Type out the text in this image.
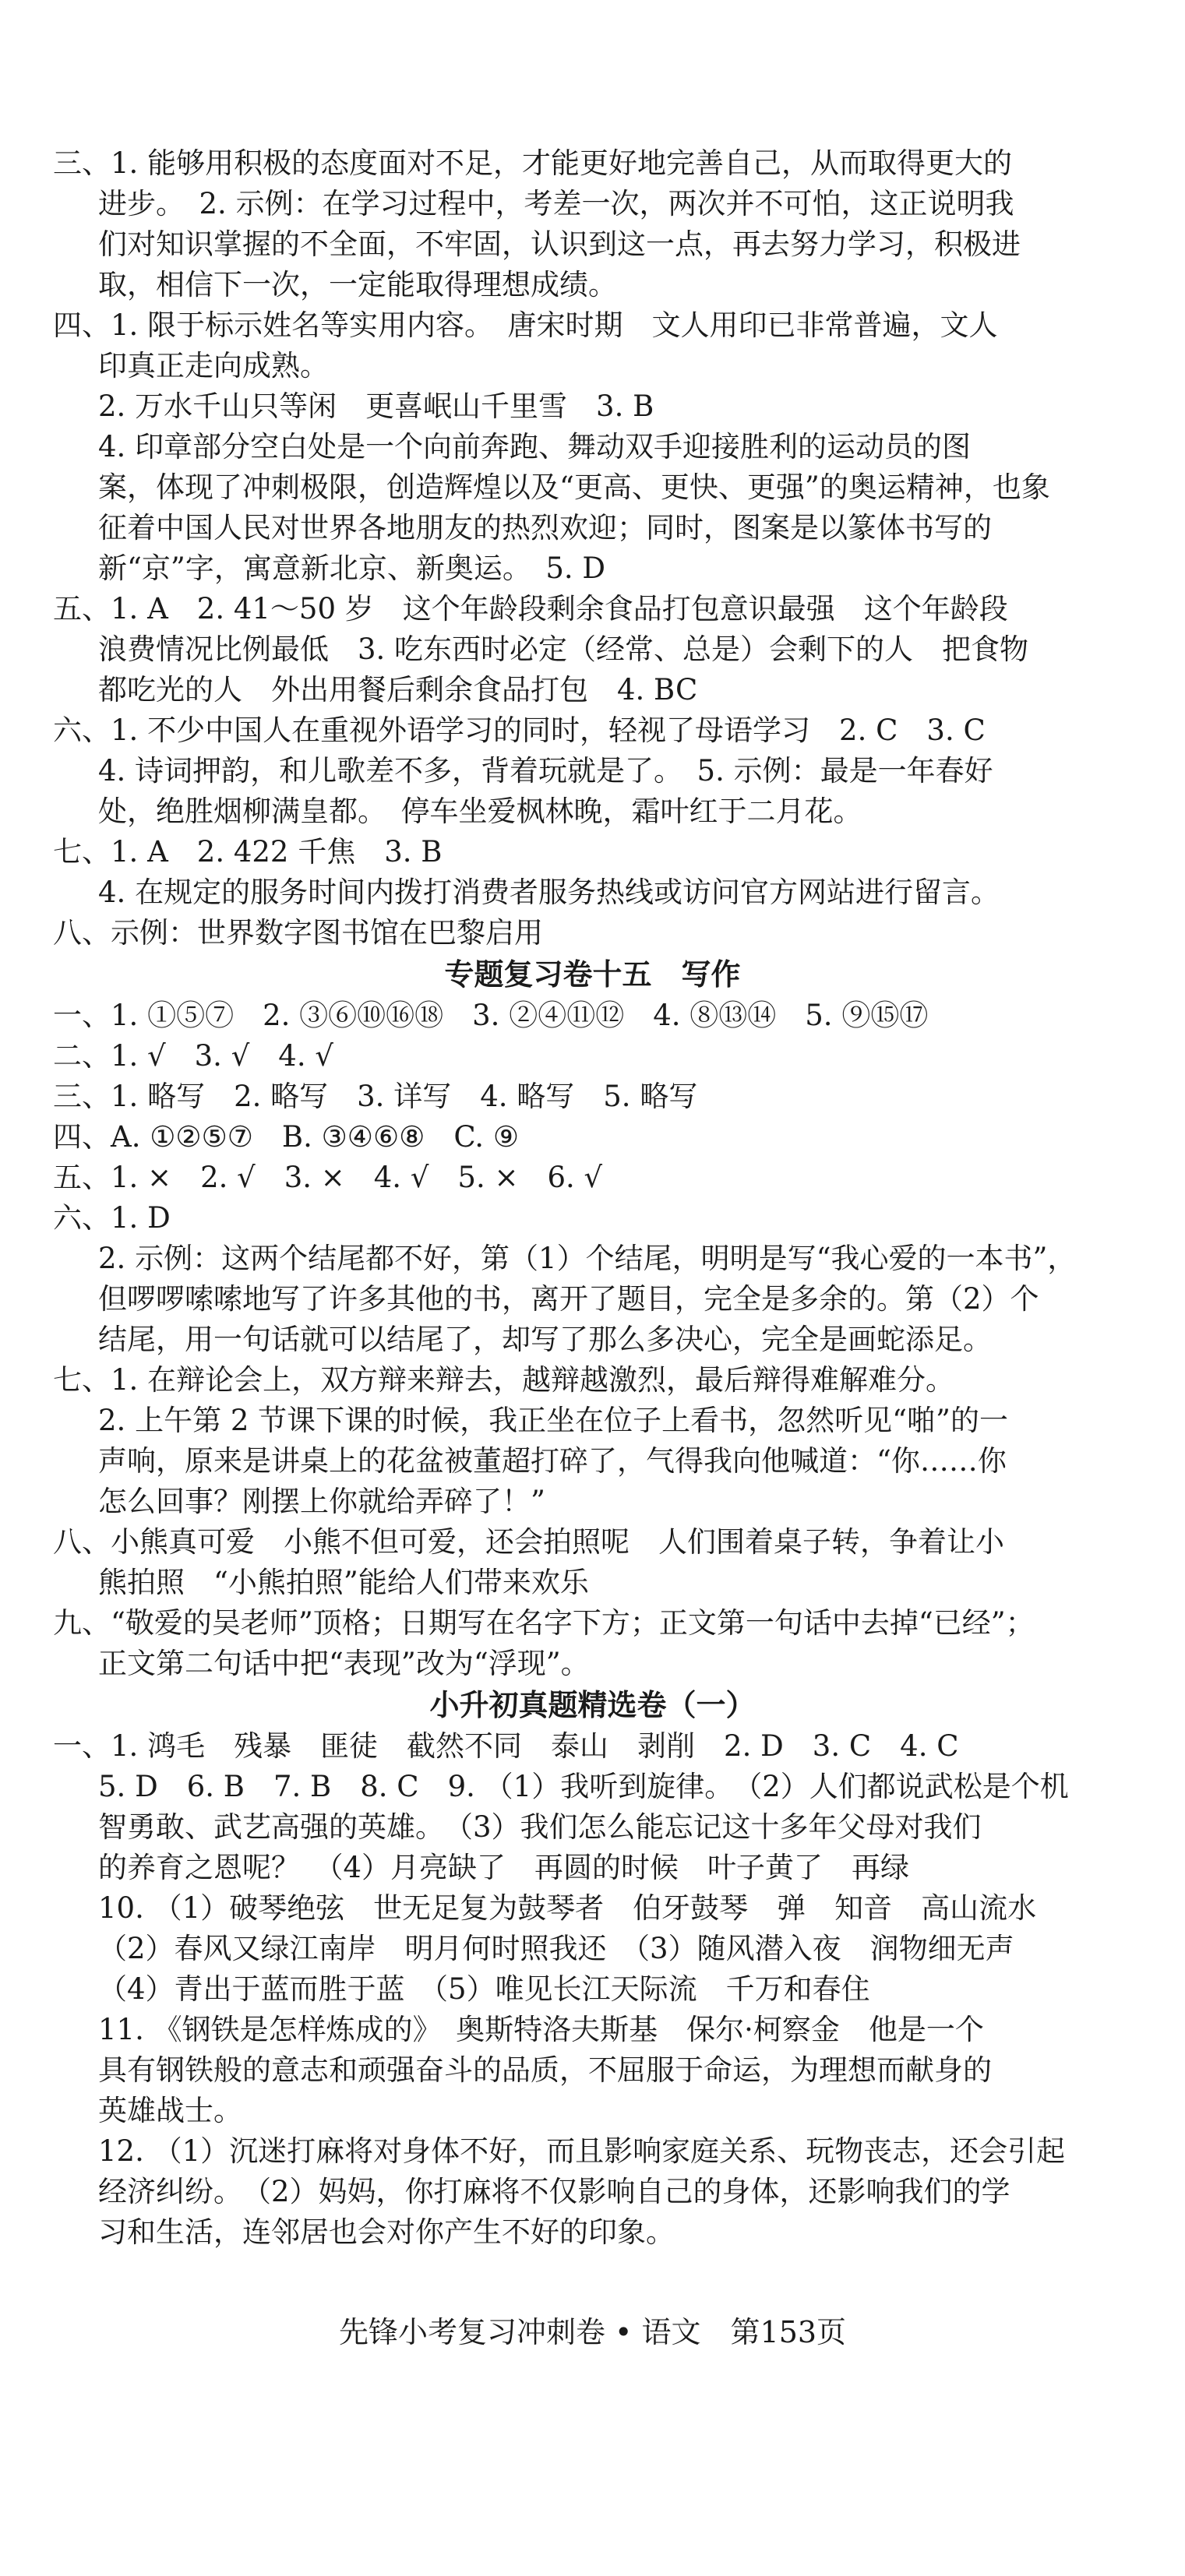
三、1. 能够用积极的态度面对不足，才能更好地完善自己，从而取得更大的
进步。　2. 示例：在学习过程中，考差一次，两次并不可怕，这正说明我
们对知识掌握的不全面，不牢固，认识到这一点，再去努力学习，积极进
取，相信下一次，一定能取得理想成绩。
四、1. 限于标示姓名等实用内容。　唐宋时期　文人用印已非常普遍，文人
印真正走向成熟。
2. 万水千山只等闲　更喜岷山千里雪　3. B
4. 印章部分空白处是一个向前奔跑、舞动双手迎接胜利的运动员的图
案，体现了冲刺极限，创造辉煌以及“更高、更快、更强”的奥运精神，也象
征着中国人民对世界各地朋友的热烈欢迎；同时，图案是以篆体书写的
新“京”字，寓意新北京、新奥运。　5. D
五、1. A　2. 41～50 岁　这个年龄段剩余食品打包意识最强　这个年龄段
浪费情况比例最低　3. 吃东西时必定（经常、总是）会剩下的人　把食物
都吃光的人　外出用餐后剩余食品打包　4. BC
六、1. 不少中国人在重视外语学习的同时，轻视了母语学习　2. C　3. C
4. 诗词押韵，和儿歌差不多，背着玩就是了。　5. 示例：最是一年春好
处，绝胜烟柳满皇都。　停车坐爱枫林晚，霜叶红于二月花。
七、1. A　2. 422 千焦　3. B
4. 在规定的服务时间内拨打消费者服务热线或访问官方网站进行留言。
八、示例：世界数字图书馆在巴黎启用
专题复习卷十五　写作
一、1. ①⑤⑦　2. ③⑥⑩⑯⑱　3. ②④⑪⑫　4. ⑧⑬⑭　5. ⑨⑮⑰
二、1. √　3. √　4. √
三、1. 略写　2. 略写　3. 详写　4. 略写　5. 略写
四、A. ①②⑤⑦　B. ③④⑥⑧　C. ⑨
五、1. ×　2. √　3. ×　4. √　5. ×　6. √
六、1. D
2. 示例：这两个结尾都不好，第（1）个结尾，明明是写“我心爱的一本书”，
但啰啰嗦嗦地写了许多其他的书，离开了题目，完全是多余的。第（2）个
结尾，用一句话就可以结尾了，却写了那么多决心，完全是画蛇添足。
七、1. 在辩论会上，双方辩来辩去，越辩越激烈，最后辩得难解难分。
2. 上午第 2 节课下课的时候，我正坐在位子上看书，忽然听见“啪”的一
声响，原来是讲桌上的花盆被董超打碎了，气得我向他喊道：“你……你
怎么回事？刚摆上你就给弄碎了！”
八、小熊真可爱　小熊不但可爱，还会拍照呢　人们围着桌子转，争着让小
熊拍照　“小熊拍照”能给人们带来欢乐
九、“敬爱的吴老师”顶格；日期写在名字下方；正文第一句话中去掉“已经”；
正文第二句话中把“表现”改为“浮现”。
小升初真题精选卷（一）
一、1. 鸿毛　残暴　匪徒　截然不同　泰山　剥削　2. D　3. C　4. C
5. D　6. B　7. B　8. C　9. （1）我听到旋律。　（2）人们都说武松是个机
智勇敢、武艺高强的英雄。　（3）我们怎么能忘记这十多年父母对我们
的养育之恩呢？　（4）月亮缺了　再圆的时候　叶子黄了　再绿
10. （1）破琴绝弦　世无足复为鼓琴者　伯牙鼓琴　弹　知音　高山流水
（2）春风又绿江南岸　明月何时照我还　（3）随风潜入夜　润物细无声
（4）青出于蓝而胜于蓝　（5）唯见长江天际流　千万和春住
11. 《钢铁是怎样炼成的》　奥斯特洛夫斯基　保尔·柯察金　他是一个
具有钢铁般的意志和顽强奋斗的品质，不屈服于命运，为理想而献身的
英雄战士。
12. （1）沉迷打麻将对身体不好，而且影响家庭关系、玩物丧志，还会引起
经济纠纷。　（2）妈妈，你打麻将不仅影响自己的身体，还影响我们的学
习和生活，连邻居也会对你产生不好的印象。
先锋小考复习冲刺卷 • 语文　第153页
